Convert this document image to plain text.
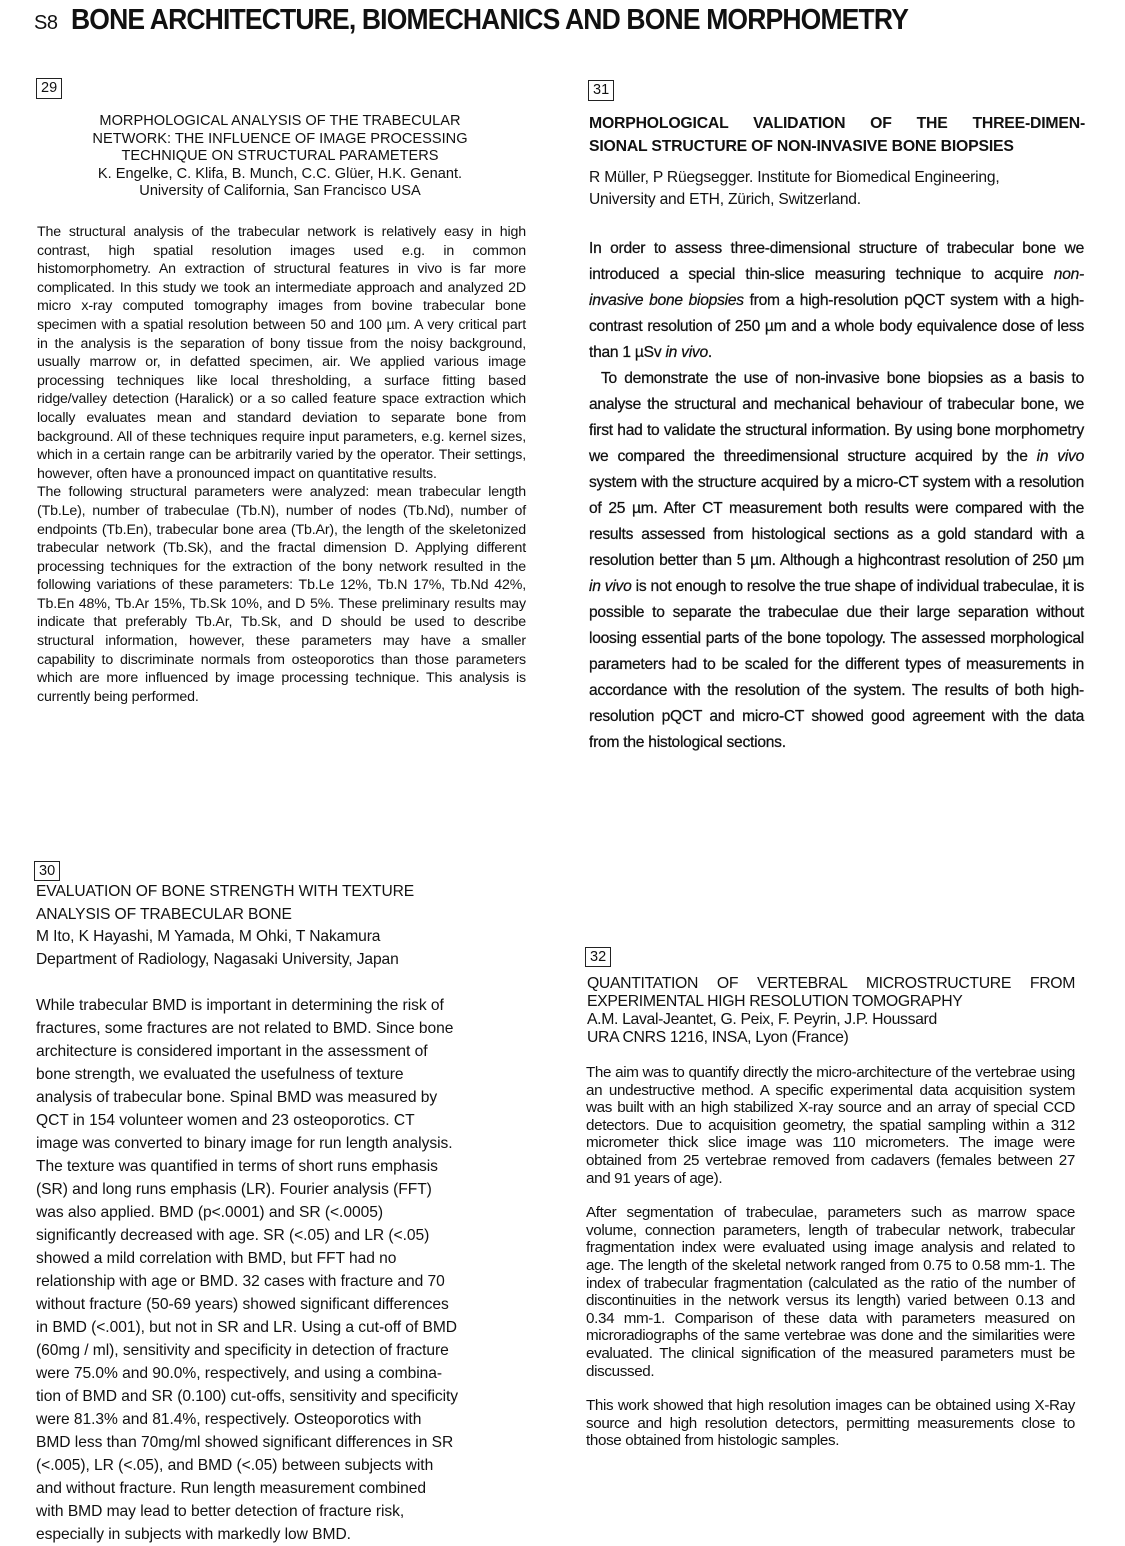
S8 BONE ARCHITECTURE, BIOMECHANICS AND BONE MORPHOMETRY
29
MORPHOLOGICAL ANALYSIS OF THE TRABECULAR
NETWORK: THE INFLUENCE OF IMAGE PROCESSING
TECHNIQUE ON STRUCTURAL PARAMETERS
K. Engelke, C. Klifa, B. Munch, C.C. Glüer, H.K. Genant.
University of California, San Francisco USA
The structural analysis of the trabecular network is relatively easy in high contrast, high spatial resolution images used e.g. in common histomorphometry. An extraction of structural features in vivo is far more complicated. In this study we took an intermediate approach and analyzed 2D micro x-ray computed tomography images from bovine trabecular bone specimen with a spatial resolution between 50 and 100 µm. A very critical part in the analysis is the separation of bony tissue from the noisy background, usually marrow or, in defatted specimen, air. We applied various image processing techniques like local thresholding, a surface fitting based ridge/valley detection (Haralick) or a so called feature space extraction which locally evaluates mean and standard deviation to separate bone from background. All of these techniques require input parameters, e.g. kernel sizes, which in a certain range can be arbitrarily varied by the operator. Their settings, however, often have a pronounced impact on quantitative results.
The following structural parameters were analyzed: mean trabecular length (Tb.Le), number of trabeculae (Tb.N), number of nodes (Tb.Nd), number of endpoints (Tb.En), trabecular bone area (Tb.Ar), the length of the skeletonized trabecular network (Tb.Sk), and the fractal dimension D. Applying different processing techniques for the extraction of the bony network resulted in the following variations of these parameters: Tb.Le 12%, Tb.N 17%, Tb.Nd 42%, Tb.En 48%, Tb.Ar 15%, Tb.Sk 10%, and D 5%. These preliminary results may indicate that preferably Tb.Ar, Tb.Sk, and D should be used to describe structural information, however, these parameters may have a smaller capability to discriminate normals from osteoporotics than those parameters which are more influenced by image processing technique. This analysis is currently being performed.
31
MORPHOLOGICAL VALIDATION OF THE THREE-DIMEN-
SIONAL STRUCTURE OF NON-INVASIVE BONE BIOPSIES
R Müller, P Rüegsegger. Institute for Biomedical Engineering,
University and ETH, Zürich, Switzerland.

In order to assess three-dimensional structure of trabecular bone we introduced a special thin-slice measuring technique to acquire non-invasive bone biopsies from a high-resolution pQCT system with a high-contrast resolution of 250 µm and a whole body equivalence dose of less than 1 µSv in vivo.

To demonstrate the use of non-invasive bone biopsies as a basis to analyse the structural and mechanical behaviour of trabecular bone, we first had to validate the structural information. By using bone morphometry we compared the threedimensional structure acquired by the in vivo system with the structure acquired by a micro-CT system with a resolution of 25 µm. After CT measurement both results were compared with the results assessed from histological sections as a gold standard with a resolution better than 5 µm. Although a highcontrast resolution of 250 µm in vivo is not enough to resolve the true shape of individual trabeculae, it is possible to separate the trabeculae due their large separation without loosing essential parts of the bone topology. The assessed morphological parameters had to be scaled for the different types of measurements in accordance with the resolution of the system. The results of both high-resolution pQCT and micro-CT showed good agreement with the data from the histological sections.

30
EVALUATION OF BONE STRENGTH WITH TEXTURE
ANALYSIS OF TRABECULAR BONE
M Ito, K Hayashi, M Yamada, M Ohki, T Nakamura
Department of Radiology, Nagasaki University, Japan
While trabecular BMD is important in determining the risk of
fractures, some fractures are not related to BMD. Since bone
architecture is considered important in the assessment of
bone strength, we evaluated the usefulness of texture
analysis of trabecular bone. Spinal BMD was measured by
QCT in 154 volunteer women and 23 osteoporotics. CT
image was converted to binary image for run length analysis.
The texture was quantified in terms of short runs emphasis
(SR) and long runs emphasis (LR). Fourier analysis (FFT)
was also applied. BMD (p<.0001) and SR (<.0005)
significantly decreased with age. SR (<.05) and LR (<.05)
showed a mild correlation with BMD, but FFT had no
relationship with age or BMD. 32 cases with fracture and 70
without fracture (50-69 years) showed significant differences
in BMD (<.001), but not in SR and LR. Using a cut-off of BMD
(60mg / ml), sensitivity and specificity in detection of fracture
were 75.0% and 90.0%, respectively, and using a combina-
tion of BMD and SR (0.100) cut-offs, sensitivity and specificity
were 81.3% and 81.4%, respectively. Osteoporotics with
BMD less than 70mg/ml showed significant differences in SR
(<.005), LR (<.05), and BMD (<.05) between subjects with
and without fracture. Run length measurement combined
with BMD may lead to better detection of fracture risk,
especially in subjects with markedly low BMD.
32
QUANTITATION OF VERTEBRAL MICROSTRUCTURE FROM EXPERIMENTAL HIGH RESOLUTION TOMOGRAPHY
A.M. Laval-Jeantet, G. Peix, F. Peyrin, J.P. Houssard
URA CNRS 1216, INSA, Lyon (France)

The aim was to quantify directly the micro-architecture of the vertebrae using an undestructive method. A specific experimental data acquisition system was built with an high stabilized X-ray source and an array of special CCD detectors. Due to acquisition geometry, the spatial sampling within a 312 micrometer thick slice image was 110 micrometers. The image were obtained from 25 vertebrae removed from cadavers (females between 27 and 91 years of age).

After segmentation of trabeculae, parameters such as marrow space volume, connection parameters, length of trabecular network, trabecular fragmentation index were evaluated using image analysis and related to age. The length of the skeletal network ranged from 0.75 to 0.58 mm-1. The index of trabecular fragmentation (calculated as the ratio of the number of discontinuities in the network versus its length) varied between 0.13 and 0.34 mm-1. Comparison of these data with parameters measured on microradiographs of the same vertebrae was done and the similarities were evaluated. The clinical signification of the measured parameters must be discussed.

This work showed that high resolution images can be obtained using X-Ray source and high resolution detectors, permitting measurements close to those obtained from histologic samples.
